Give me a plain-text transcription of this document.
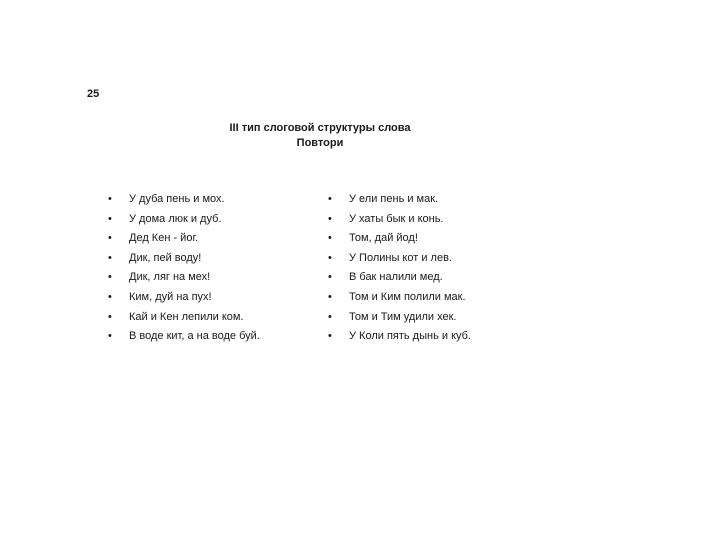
25
III тип слоговой структуры слова
Повтори
• У дуба пень и мох.
• У дома люк и дуб.
• Дед Кен - йог.
• Дик, пей воду!
• Дик, ляг на мех!
• Ким, дуй на пух!
• Кай и Кен лепили ком.
• В воде кит, а на воде буй.
• У ели пень и мак.
• У хаты бык и конь.
• Том, дай йод!
• У Полины кот и лев.
• В бак налили мед.
• Том и Ким полили мак.
• Том и Тим удили хек.
• У Коли пять дынь и куб.
